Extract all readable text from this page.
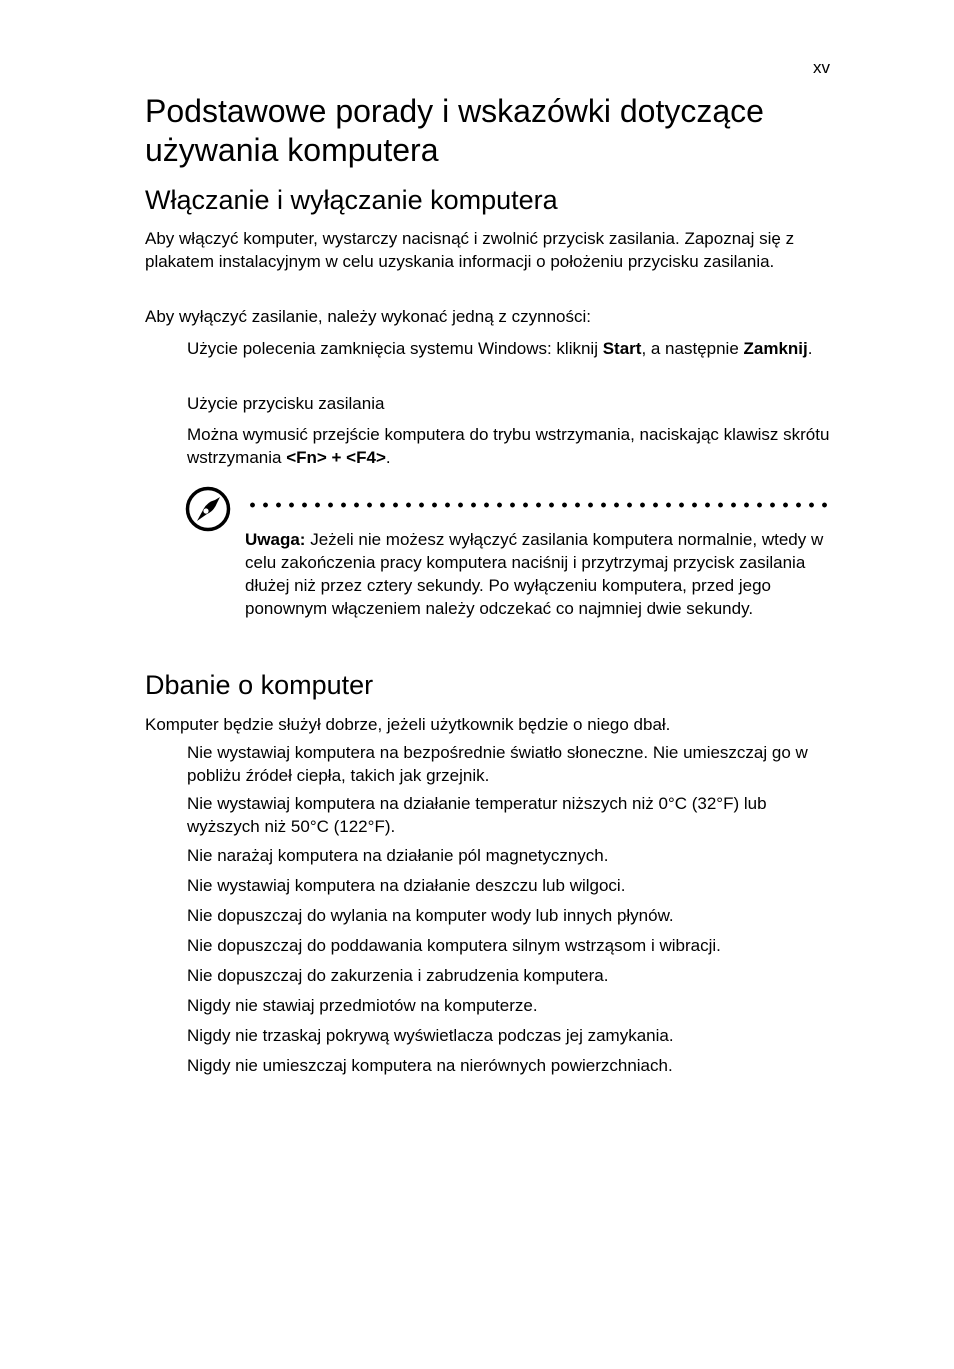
xv
Podstawowe porady i wskazówki dotyczące używania komputera
Włączanie i wyłączanie komputera

Aby włączyć komputer, wystarczy nacisnąć i zwolnić przycisk zasilania. Zapoznaj się z plakatem instalacyjnym w celu uzyskania informacji o położeniu przycisku zasilania.

Aby wyłączyć zasilanie, należy wykonać jedną z czynności:

Użycie polecenia zamknięcia systemu Windows: kliknij Start, a następnie Zamknij.

Użycie przycisku zasilania

Można wymusić przejście komputera do trybu wstrzymania, naciskając klawisz skrótu wstrzymania <Fn> + <F4>.

Uwaga: Jeżeli nie możesz wyłączyć zasilania komputera normalnie, wtedy w celu zakończenia pracy komputera naciśnij i przytrzymaj przycisk zasilania dłużej niż przez cztery sekundy. Po wyłączeniu komputera, przed jego ponownym włączeniem należy odczekać co najmniej dwie sekundy.

Dbanie o komputer

Komputer będzie służył dobrze, jeżeli użytkownik będzie o niego dbał.

Nie wystawiaj komputera na bezpośrednie światło słoneczne. Nie umieszczaj go w pobliżu źródeł ciepła, takich jak grzejnik.

Nie wystawiaj komputera na działanie temperatur niższych niż 0°C (32°F) lub wyższych niż 50°C (122°F).

Nie narażaj komputera na działanie pól magnetycznych.

Nie wystawiaj komputera na działanie deszczu lub wilgoci.

Nie dopuszczaj do wylania na komputer wody lub innych płynów.

Nie dopuszczaj do poddawania komputera silnym wstrząsom i wibracji.

Nie dopuszczaj do zakurzenia i zabrudzenia komputera.

Nigdy nie stawiaj przedmiotów na komputerze.

Nigdy nie trzaskaj pokrywą wyświetlacza podczas jej zamykania.

Nigdy nie umieszczaj komputera na nierównych powierzchniach.
